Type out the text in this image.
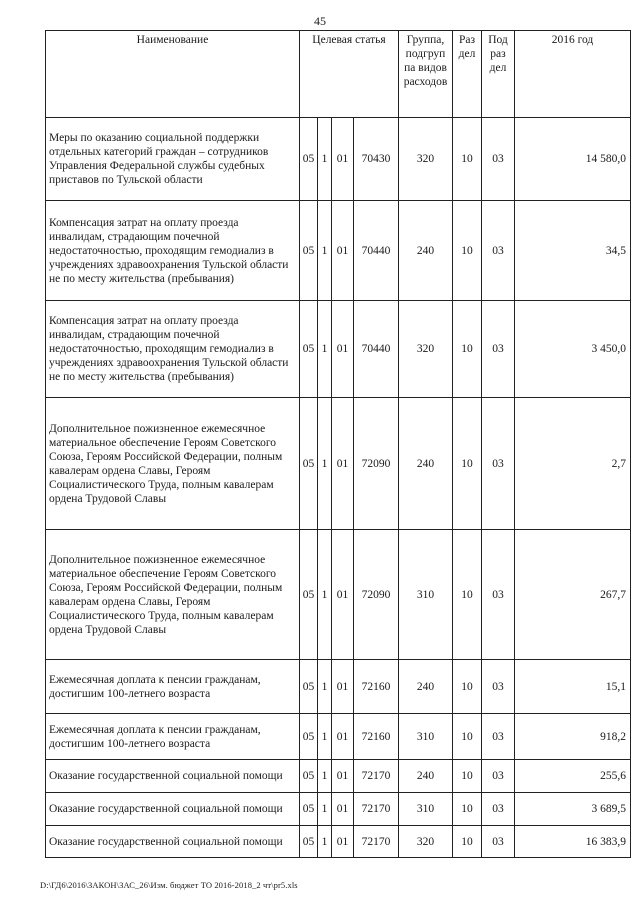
45
Наименование	Целевая статья				Группа, подгруп па видов расходов	Раз дел	Под раз дел	2016 год
Меры по оказанию социальной поддержки отдельных категорий граждан – сотрудников Управления Федеральной службы судебных приставов по Тульской области	05	1	01	70430	320	10	03	14 580,0
Компенсация затрат на оплату проезда инвалидам, страдающим почечной недостаточностью, проходящим гемодиализ в учреждениях здравоохранения Тульской области не по месту жительства (пребывания)	05	1	01	70440	240	10	03	34,5
Компенсация затрат на оплату проезда инвалидам, страдающим почечной недостаточностью, проходящим гемодиализ в учреждениях здравоохранения Тульской области не по месту жительства (пребывания)	05	1	01	70440	320	10	03	3 450,0
Дополнительное пожизненное ежемесячное материальное обеспечение Героям Советского Союза, Героям Российской Федерации, полным кавалерам ордена Славы, Героям Социалистического Труда, полным кавалерам ордена Трудовой Славы	05	1	01	72090	240	10	03	2,7
Дополнительное пожизненное ежемесячное материальное обеспечение Героям Советского Союза, Героям Российской Федерации, полным кавалерам ордена Славы, Героям Социалистического Труда, полным кавалерам ордена Трудовой Славы	05	1	01	72090	310	10	03	267,7
Ежемесячная доплата к пенсии гражданам, достигшим 100-летнего возраста	05	1	01	72160	240	10	03	15,1
Ежемесячная доплата к пенсии гражданам, достигшим 100-летнего возраста	05	1	01	72160	310	10	03	918,2
Оказание государственной социальной помощи	05	1	01	72170	240	10	03	255,6
Оказание государственной социальной помощи	05	1	01	72170	310	10	03	3 689,5
Оказание государственной социальной помощи	05	1	01	72170	320	10	03	16 383,9
D:\ГД6\2016\ЗАКОН\ЗАС_26\Изм. бюджет ТО 2016-2018_2 чт\pr5.xls
